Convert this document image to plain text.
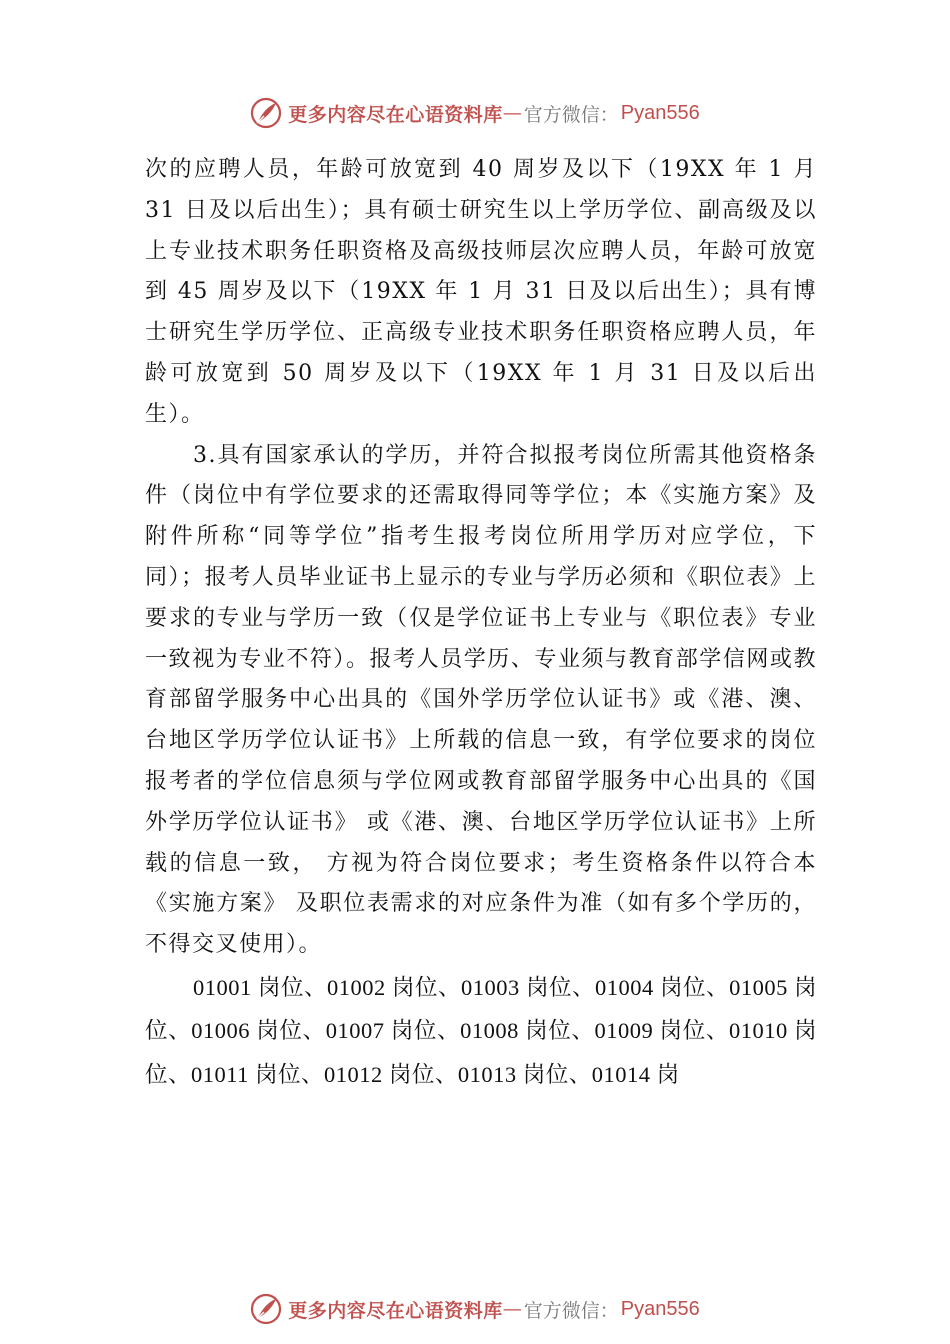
更多内容尽在心语资料库 — 官方微信： Pyan556

次的应聘人员，年龄可放宽到 40 周岁及以下（19XX 年 1 月 31 日及以后出生）；具有硕士研究生以上学历学位、副高级及以上专业技术职务任职资格及高级技师层次应聘人员，年龄可放宽到 45 周岁及以下（19XX 年 1 月 31 日及以后出生）；具有博士研究生学历学位、正高级专业技术职务任职资格应聘人员，年龄可放宽到 50 周岁及以下（19XX 年 1 月 31 日及以后出生）。

3.具有国家承认的学历，并符合拟报考岗位所需其他资格条件（岗位中有学位要求的还需取得同等学位；本《实施方案》及附件所称“同等学位”指考生报考岗位所用学历对应学位，下同）；报考人员毕业证书上显示的专业与学历必须和《职位表》上要求的专业与学历一致（仅是学位证书上专业与《职位表》专业一致视为专业不符）。报考人员学历、专业须与教育部学信网或教育部留学服务中心出具的《国外学历学位认证书》或《港、澳、台地区学历学位认证书》上所载的信息一致，有学位要求的岗位报考者的学位信息须与学位网或教育部留学服务中心出具的《国外学历学位认证书》 或《港、澳、台地区学历学位认证书》上所载的信息一致， 方视为符合岗位要求；考生资格条件以符合本《实施方案》 及职位表需求的对应条件为准（如有多个学历的，不得交叉使用）。

01001 岗位、01002 岗位、01003 岗位、01004 岗位、01005 岗位、01006 岗位、01007 岗位、01008 岗位、01009 岗位、01010 岗位、01011 岗位、01012 岗位、01013 岗位、01014 岗

更多内容尽在心语资料库 — 官方微信： Pyan556
